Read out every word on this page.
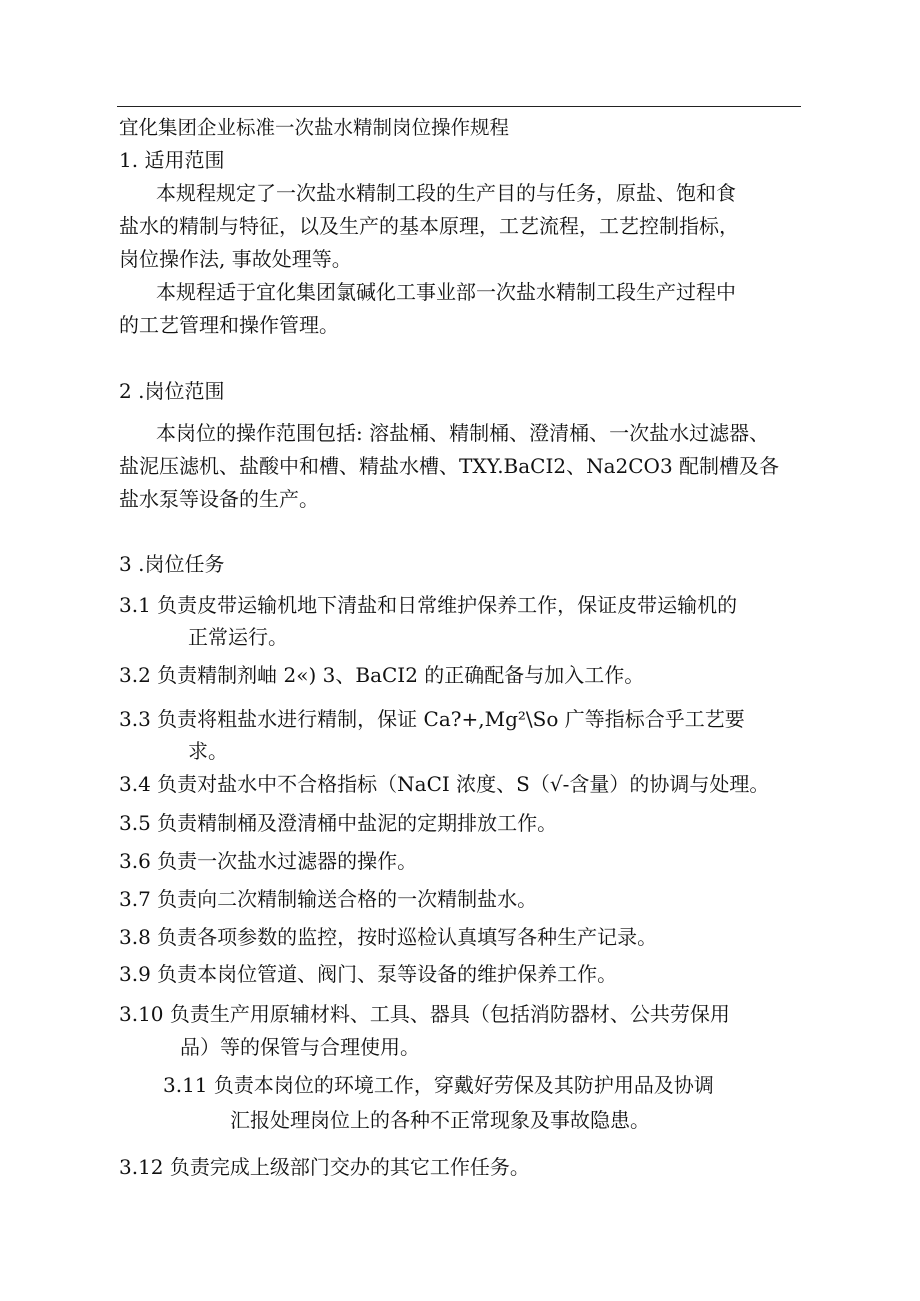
宜化集团企业标准一次盐水精制岗位操作规程
1. 适用范围
本规程规定了一次盐水精制工段的生产目的与任务，原盐、饱和食
盐水的精制与特征，以及生产的基本原理，工艺流程，工艺控制指标，
岗位操作法, 事故处理等。
本规程适于宜化集团氯碱化工事业部一次盐水精制工段生产过程中
的工艺管理和操作管理。
2 .岗位范围
本岗位的操作范围包括: 溶盐桶、精制桶、澄清桶、一次盐水过滤器、
盐泥压滤机、盐酸中和槽、精盐水槽、TXY.BaCI2、Na2CO3 配制槽及各
盐水泵等设备的生产。
3 .岗位任务
3.1 负责皮带运输机地下清盐和日常维护保养工作，保证皮带运输机的
正常运行。
3.2 负责精制剂岫 2«) 3、BaCI2 的正确配备与加入工作。
3.3 负责将粗盐水进行精制，保证 Ca?+,Mg²\So 广等指标合乎工艺要
求。
3.4 负责对盐水中不合格指标（NaCI 浓度、S（√-含量）的协调与处理。
3.5 负责精制桶及澄清桶中盐泥的定期排放工作。
3.6 负责一次盐水过滤器的操作。
3.7 负责向二次精制输送合格的一次精制盐水。
3.8 负责各项参数的监控，按时巡检认真填写各种生产记录。
3.9 负责本岗位管道、阀门、泵等设备的维护保养工作。
3.10 负责生产用原辅材料、工具、器具（包括消防器材、公共劳保用
品）等的保管与合理使用。
3.11 负责本岗位的环境工作，穿戴好劳保及其防护用品及协调
汇报处理岗位上的各种不正常现象及事故隐患。
3.12 负责完成上级部门交办的其它工作任务。
